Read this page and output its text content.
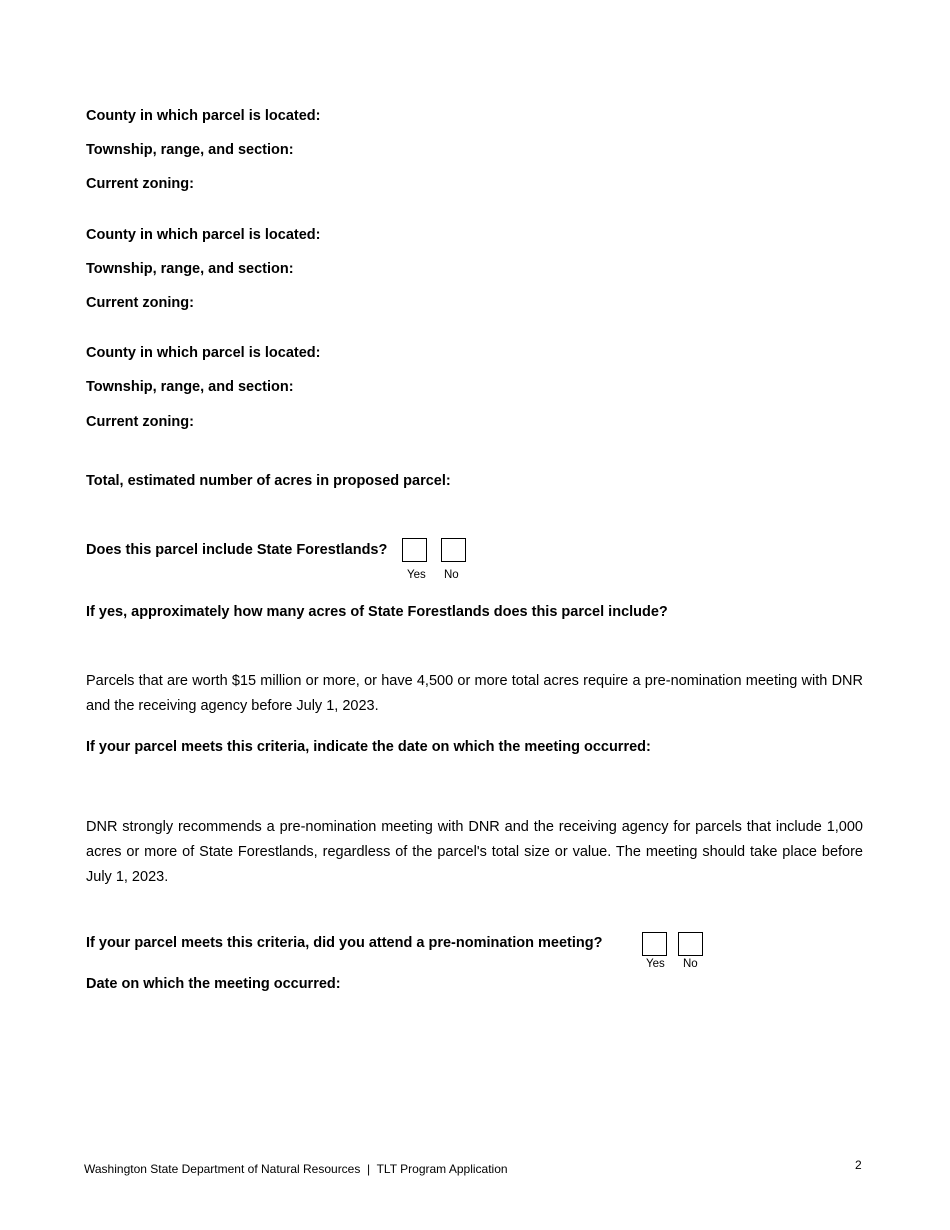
County in which parcel is located:
Township, range, and section:
Current zoning:
County in which parcel is located:
Township, range, and section:
Current zoning:
County in which parcel is located:
Township, range, and section:
Current zoning:
Total, estimated number of acres in proposed parcel:
Does this parcel include State Forestlands?
Yes No
If yes, approximately how many acres of State Forestlands does this parcel include?
Parcels that are worth $15 million or more, or have 4,500 or more total acres require a pre-nomination meeting with DNR and the receiving agency before July 1, 2023.
If your parcel meets this criteria, indicate the date on which the meeting occurred:
DNR strongly recommends a pre-nomination meeting with DNR and the receiving agency for parcels that include 1,000 acres or more of State Forestlands, regardless of the parcel's total size or value. The meeting should take place before July 1, 2023.
If your parcel meets this criteria, did you attend a pre-nomination meeting?
Yes No
Date on which the meeting occurred:
Washington State Department of Natural Resources  |  TLT Program Application	2
